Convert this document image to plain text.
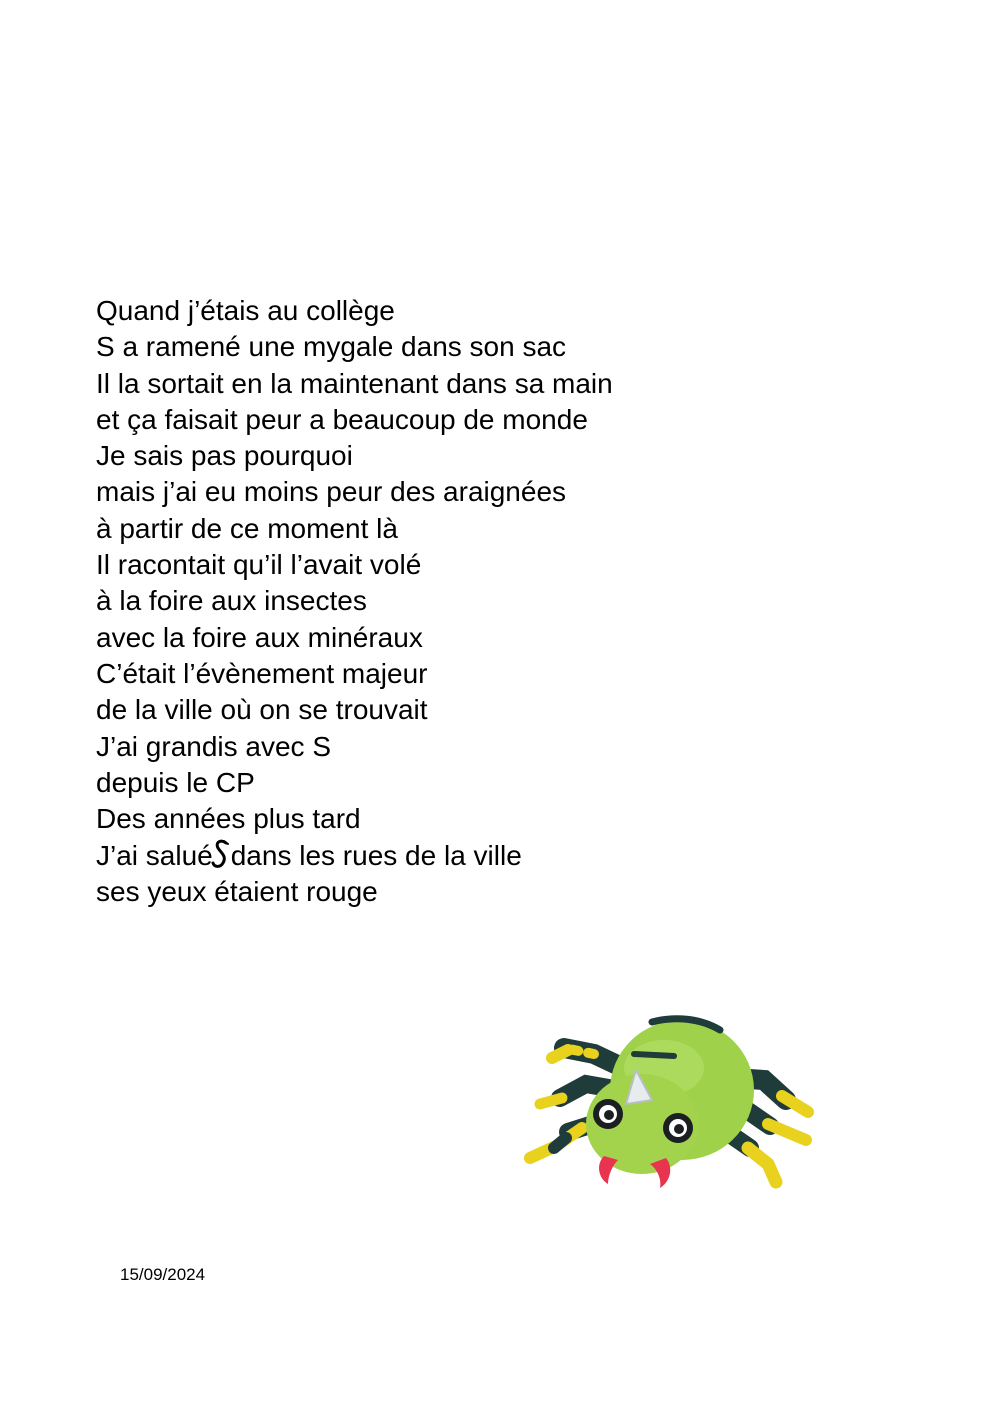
Quand j’étais au collège
S a ramené une mygale dans son sac
Il la sortait en la maintenant dans sa main
et ça faisait peur a beaucoup de monde
Je sais pas pourquoi
mais j’ai eu moins peur des araignées
à partir de ce moment là
Il racontait qu’il l’avait volé
à la foire aux insectes
avec la foire aux minéraux
C’était l’évènement majeur
de la ville où on se trouvait
J’ai grandis avec S
depuis le CP
Des années plus tard
J’ai salué dans les rues de la ville
ses yeux étaient rouge
15/09/2024
